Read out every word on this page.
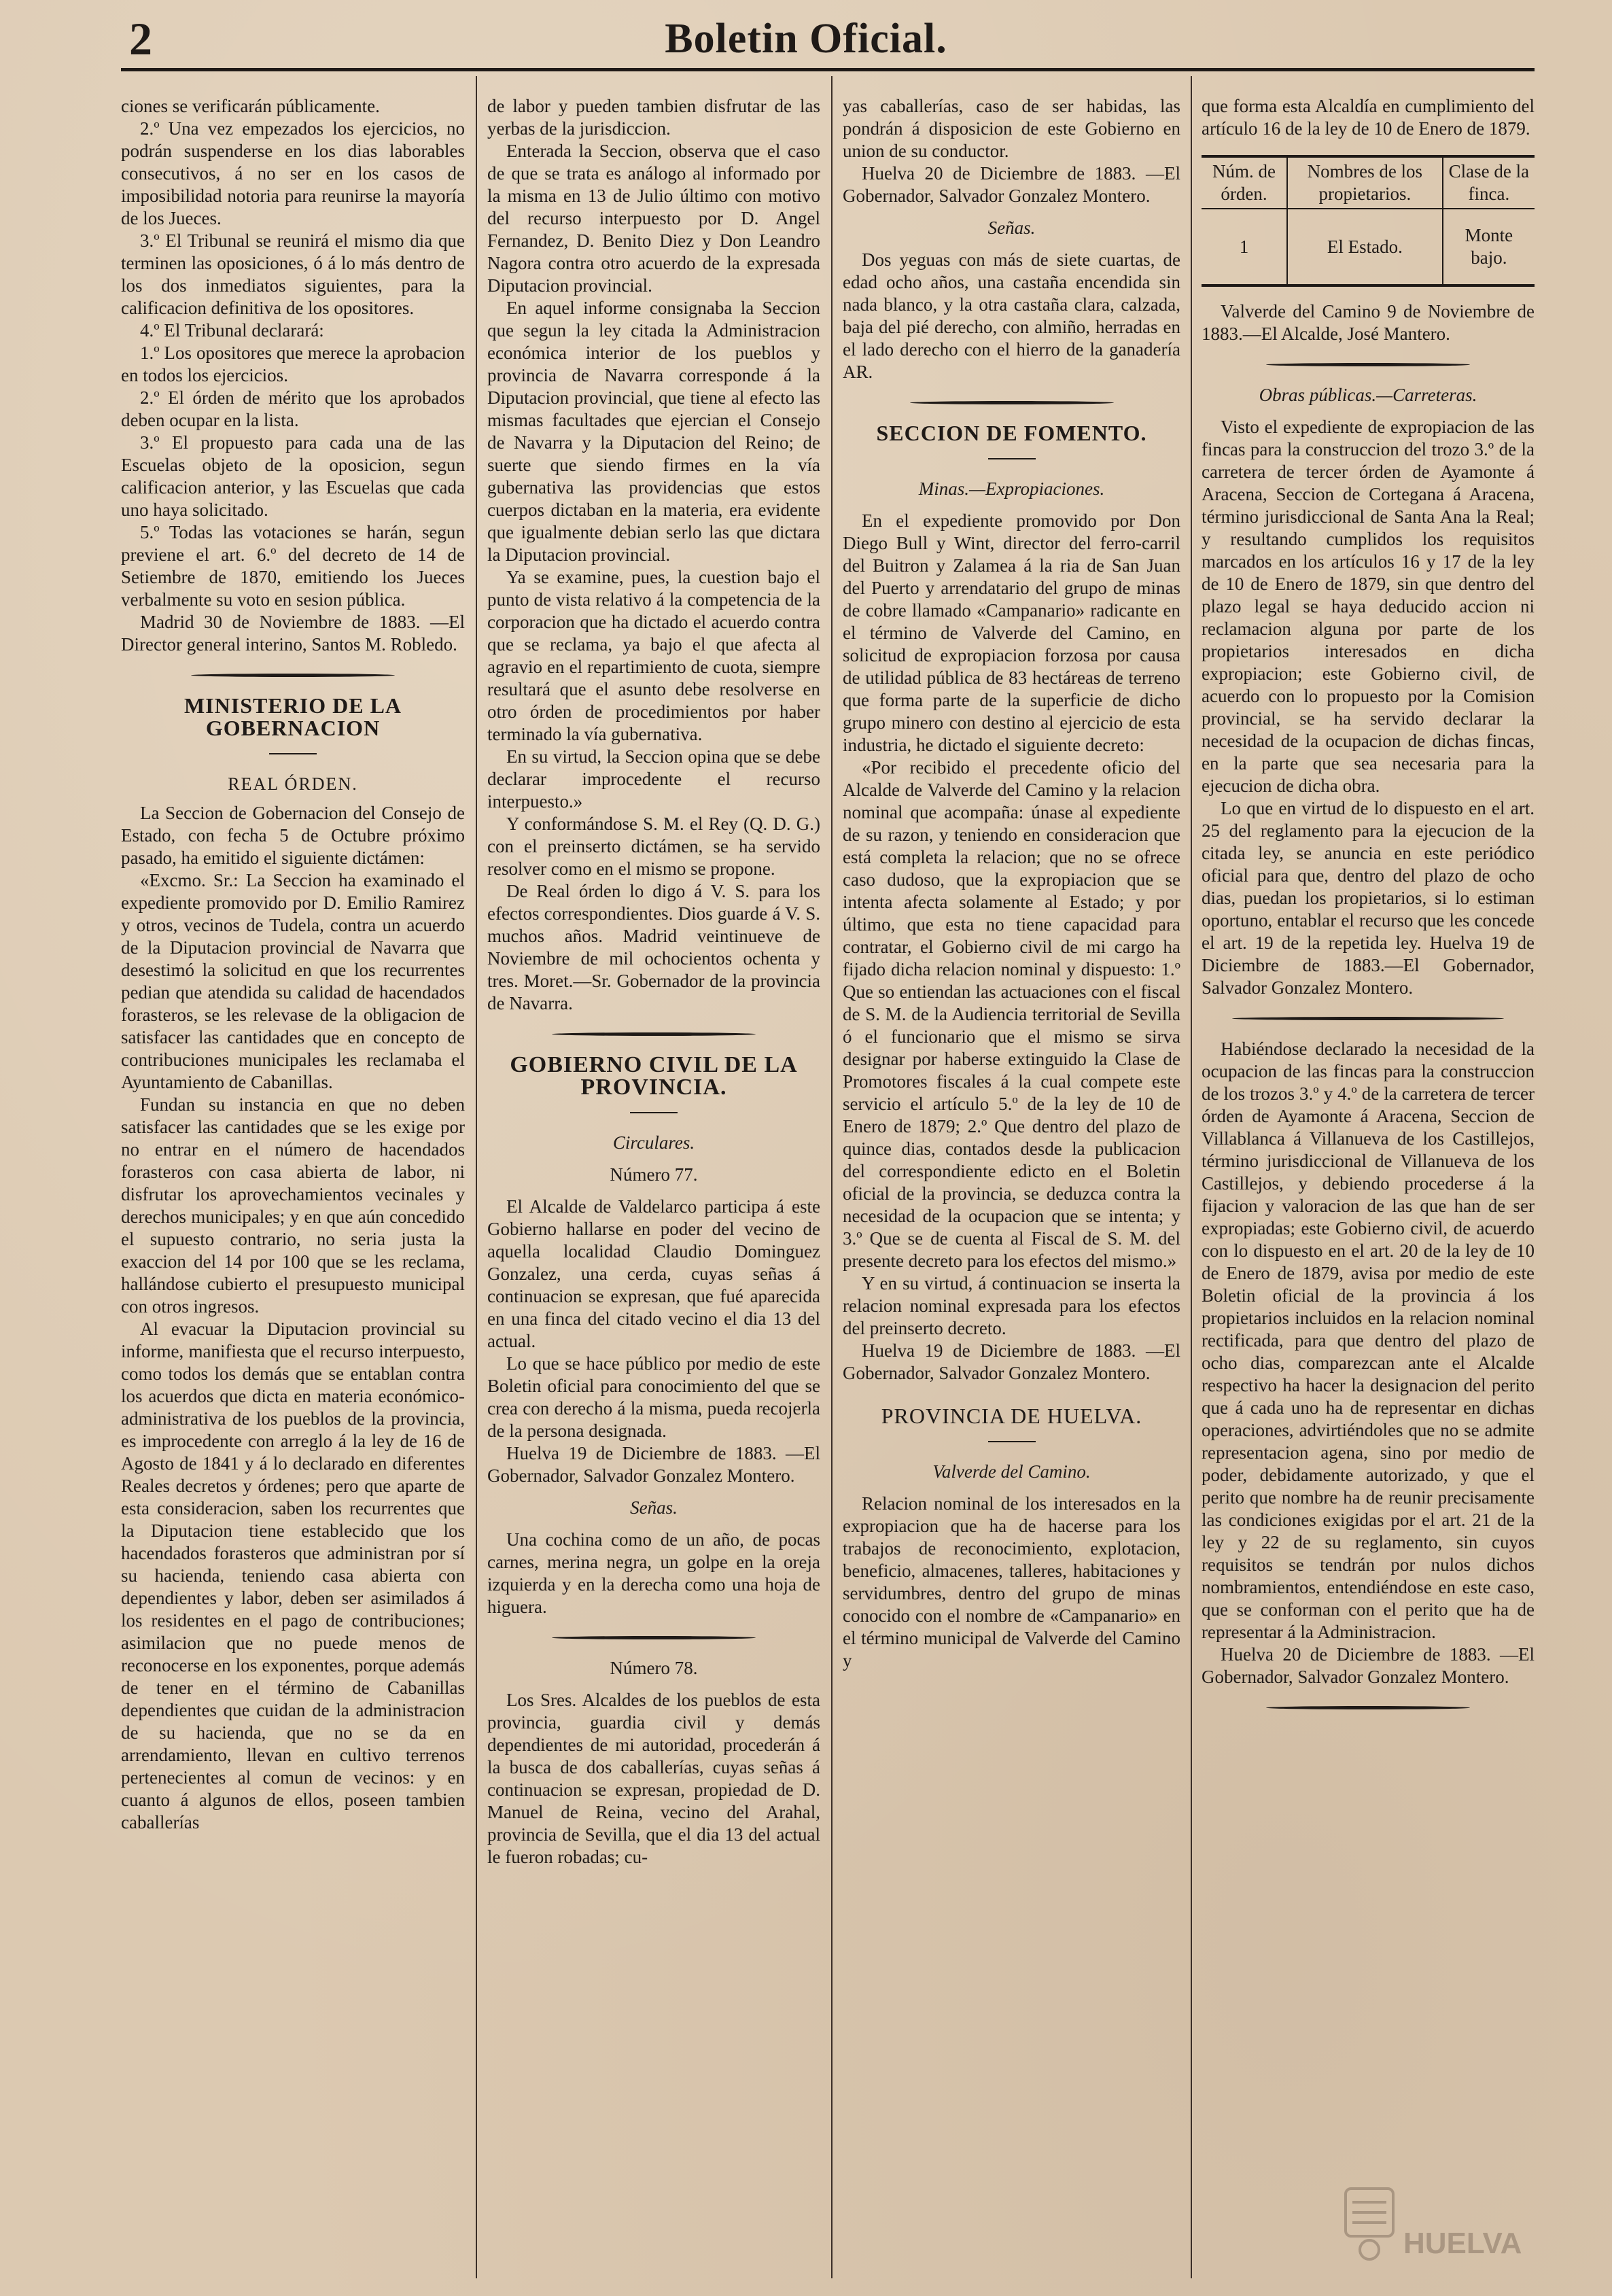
2	Boletin Oficial.

ciones se verificarán públicamente.

2.º Una vez empezados los ejercicios, no podrán suspenderse en los dias laborables consecutivos, á no ser en los casos de imposibilidad notoria para reunirse la mayoría de los Jueces.

3.º El Tribunal se reunirá el mismo dia que terminen las oposiciones, ó á lo más dentro de los dos inmediatos siguientes, para la calificacion definitiva de los opositores.

4.º El Tribunal declarará:

1.º Los opositores que merece la aprobacion en todos los ejercicios.

2.º El órden de mérito que los aprobados deben ocupar en la lista.

3.º El propuesto para cada una de las Escuelas objeto de la oposicion, segun calificacion anterior, y las Escuelas que cada uno haya solicitado.

5.º Todas las votaciones se harán, segun previene el art. 6.º del decreto de 14 de Setiembre de 1870, emitiendo los Jueces verbalmente su voto en sesion pública.

Madrid 30 de Noviembre de 1883. —El Director general interino, Santos M. Robledo.

MINISTERIO DE LA GOBERNACION
REAL ÓRDEN.

La Seccion de Gobernacion del Consejo de Estado, con fecha 5 de Octubre próximo pasado, ha emitido el siguiente dictámen:

«Excmo. Sr.: La Seccion ha examinado el expediente promovido por D. Emilio Ramirez y otros, vecinos de Tudela, contra un acuerdo de la Diputacion provincial de Navarra que desestimó la solicitud en que los recurrentes pedian que atendida su calidad de hacendados forasteros, se les relevase de la obligacion de satisfacer las cantidades que en concepto de contribuciones municipales les reclamaba el Ayuntamiento de Cabanillas.

Fundan su instancia en que no deben satisfacer las cantidades que se les exige por no entrar en el número de hacendados forasteros con casa abierta de labor, ni disfrutar los aprovechamientos vecinales y derechos municipales; y en que aún concedido el supuesto contrario, no seria justa la exaccion del 14 por 100 que se les reclama, hallándose cubierto el presupuesto municipal con otros ingresos.

Al evacuar la Diputacion provincial su informe, manifiesta que el recurso interpuesto, como todos los demás que se entablan contra los acuerdos que dicta en materia económico-administrativa de los pueblos de la provincia, es improcedente con arreglo á la ley de 16 de Agosto de 1841 y á lo declarado en diferentes Reales decretos y órdenes; pero que aparte de esta consideracion, saben los recurrentes que la Diputacion tiene establecido que los hacendados forasteros que administran por sí su hacienda, teniendo casa abierta con dependientes y labor, deben ser asimilados á los residentes en el pago de contribuciones; asimilacion que no puede menos de reconocerse en los exponentes, porque además de tener en el término de Cabanillas dependientes que cuidan de la administracion de su hacienda, que no se da en arrendamiento, llevan en cultivo terrenos pertenecientes al comun de vecinos: y en cuanto á algunos de ellos, poseen tambien caballerías

de labor y pueden tambien disfrutar de las yerbas de la jurisdiccion.

Enterada la Seccion, observa que el caso de que se trata es análogo al informado por la misma en 13 de Julio último con motivo del recurso interpuesto por D. Angel Fernandez, D. Benito Diez y Don Leandro Nagora contra otro acuerdo de la expresada Diputacion provincial.

En aquel informe consignaba la Seccion que segun la ley citada la Administracion económica interior de los pueblos y provincia de Navarra corresponde á la Diputacion provincial, que tiene al efecto las mismas facultades que ejercian el Consejo de Navarra y la Diputacion del Reino; de suerte que siendo firmes en la vía gubernativa las providencias que estos cuerpos dictaban en la materia, era evidente que igualmente debian serlo las que dictara la Diputacion provincial.

Ya se examine, pues, la cuestion bajo el punto de vista relativo á la competencia de la corporacion que ha dictado el acuerdo contra que se reclama, ya bajo el que afecta al agravio en el repartimiento de cuota, siempre resultará que el asunto debe resolverse en otro órden de procedimientos por haber terminado la vía gubernativa.

En su virtud, la Seccion opina que se debe declarar improcedente el recurso interpuesto.»

Y conformándose S. M. el Rey (Q. D. G.) con el preinserto dictámen, se ha servido resolver como en el mismo se propone.

De Real órden lo digo á V. S. para los efectos correspondientes. Dios guarde á V. S. muchos años. Madrid veintinueve de Noviembre de mil ochocientos ochenta y tres. Moret.—Sr. Gobernador de la provincia de Navarra.

GOBIERNO CIVIL DE LA PROVINCIA.

Circulares.

Número 77.

El Alcalde de Valdelarco participa á este Gobierno hallarse en poder del vecino de aquella localidad Claudio Dominguez Gonzalez, una cerda, cuyas señas á continuacion se expresan, que fué aparecida en una finca del citado vecino el dia 13 del actual.

Lo que se hace público por medio de este Boletin oficial para conocimiento del que se crea con derecho á la misma, pueda recojerla de la persona designada.

Huelva 19 de Diciembre de 1883. —El Gobernador, Salvador Gonzalez Montero.

Señas.

Una cochina como de un año, de pocas carnes, merina negra, un golpe en la oreja izquierda y en la derecha como una hoja de higuera.

Número 78.

Los Sres. Alcaldes de los pueblos de esta provincia, guardia civil y demás dependientes de mi autoridad, procederán á la busca de dos caballerías, cuyas señas á continuacion se expresan, propiedad de D. Manuel de Reina, vecino del Arahal, provincia de Sevilla, que el dia 13 del actual le fueron robadas; cu-

yas caballerías, caso de ser habidas, las pondrán á disposicion de este Gobierno en union de su conductor.

Huelva 20 de Diciembre de 1883. —El Gobernador, Salvador Gonzalez Montero.

Señas.

Dos yeguas con más de siete cuartas, de edad ocho años, una castaña encendida sin nada blanco, y la otra castaña clara, calzada, baja del pié derecho, con almiño, herradas en el lado derecho con el hierro de la ganadería AR.

SECCION DE FOMENTO.

Minas.—Expropiaciones.

En el expediente promovido por Don Diego Bull y Wint, director del ferro-carril del Buitron y Zalamea á la ria de San Juan del Puerto y arrendatario del grupo de minas de cobre llamado «Campanario» radicante en el término de Valverde del Camino, en solicitud de expropiacion forzosa por causa de utilidad pública de 83 hectáreas de terreno que forma parte de la superficie de dicho grupo minero con destino al ejercicio de esta industria, he dictado el siguiente decreto:

«Por recibido el precedente oficio del Alcalde de Valverde del Camino y la relacion nominal que acompaña: únase al expediente de su razon, y teniendo en consideracion que está completa la relacion; que no se ofrece caso dudoso, que la expropiacion que se intenta afecta solamente al Estado; y por último, que esta no tiene capacidad para contratar, el Gobierno civil de mi cargo ha fijado dicha relacion nominal y dispuesto: 1.º Que so entiendan las actuaciones con el fiscal de S. M. de la Audiencia territorial de Sevilla ó el funcionario que el mismo se sirva designar por haberse extinguido la Clase de Promotores fiscales á la cual compete este servicio el artículo 5.º de la ley de 10 de Enero de 1879; 2.º Que dentro del plazo de quince dias, contados desde la publicacion del correspondiente edicto en el Boletin oficial de la provincia, se deduzca contra la necesidad de la ocupacion que se intenta; y 3.º Que se de cuenta al Fiscal de S. M. del presente decreto para los efectos del mismo.»

Y en su virtud, á continuacion se inserta la relacion nominal expresada para los efectos del preinserto decreto.

Huelva 19 de Diciembre de 1883. —El Gobernador, Salvador Gonzalez Montero.

PROVINCIA DE HUELVA.

Valverde del Camino.

Relacion nominal de los interesados en la expropiacion que ha de hacerse para los trabajos de reconocimiento, explotacion, beneficio, almacenes, talleres, habitaciones y servidumbres, dentro del grupo de minas conocido con el nombre de «Campanario» en el término municipal de Valverde del Camino y

que forma esta Alcaldía en cumplimiento del artículo 16 de la ley de 10 de Enero de 1879.

Núm. de órden.	Nombres de los propietarios.	Clase de la finca.
1	El Estado.	Monte bajo.

Valverde del Camino 9 de Noviembre de 1883.—El Alcalde, José Mantero.

Obras públicas.—Carreteras.

Visto el expediente de expropiacion de las fincas para la construccion del trozo 3.º de la carretera de tercer órden de Ayamonte á Aracena, Seccion de Cortegana á Aracena, término jurisdiccional de Santa Ana la Real; y resultando cumplidos los requisitos marcados en los artículos 16 y 17 de la ley de 10 de Enero de 1879, sin que dentro del plazo legal se haya deducido accion ni reclamacion alguna por parte de los propietarios interesados en dicha expropiacion; este Gobierno civil, de acuerdo con lo propuesto por la Comision provincial, se ha servido declarar la necesidad de la ocupacion de dichas fincas, en la parte que sea necesaria para la ejecucion de dicha obra.

Lo que en virtud de lo dispuesto en el art. 25 del reglamento para la ejecucion de la citada ley, se anuncia en este periódico oficial para que, dentro del plazo de ocho dias, puedan los propietarios, si lo estiman oportuno, entablar el recurso que les concede el art. 19 de la repetida ley. Huelva 19 de Diciembre de 1883.—El Gobernador, Salvador Gonzalez Montero.

Habiéndose declarado la necesidad de la ocupacion de las fincas para la construccion de los trozos 3.º y 4.º de la carretera de tercer órden de Ayamonte á Aracena, Seccion de Villablanca á Villanueva de los Castillejos, término jurisdiccional de Villanueva de los Castillejos, y debiendo procederse á la fijacion y valoracion de las que han de ser expropiadas; este Gobierno civil, de acuerdo con lo dispuesto en el art. 20 de la ley de 10 de Enero de 1879, avisa por medio de este Boletin oficial de la provincia á los propietarios incluidos en la relacion nominal rectificada, para que dentro del plazo de ocho dias, comparezcan ante el Alcalde respectivo ha hacer la designacion del perito que á cada uno ha de representar en dichas operaciones, advirtiéndoles que no se admite representacion agena, sino por medio de poder, debidamente autorizado, y que el perito que nombre ha de reunir precisamente las condiciones exigidas por el art. 21 de la ley y 22 de su reglamento, sin cuyos requisitos se tendrán por nulos dichos nombramientos, entendiéndose en este caso, que se conforman con el perito que ha de representar á la Administracion.

Huelva 20 de Diciembre de 1883. —El Gobernador, Salvador Gonzalez Montero.

HUELVA
